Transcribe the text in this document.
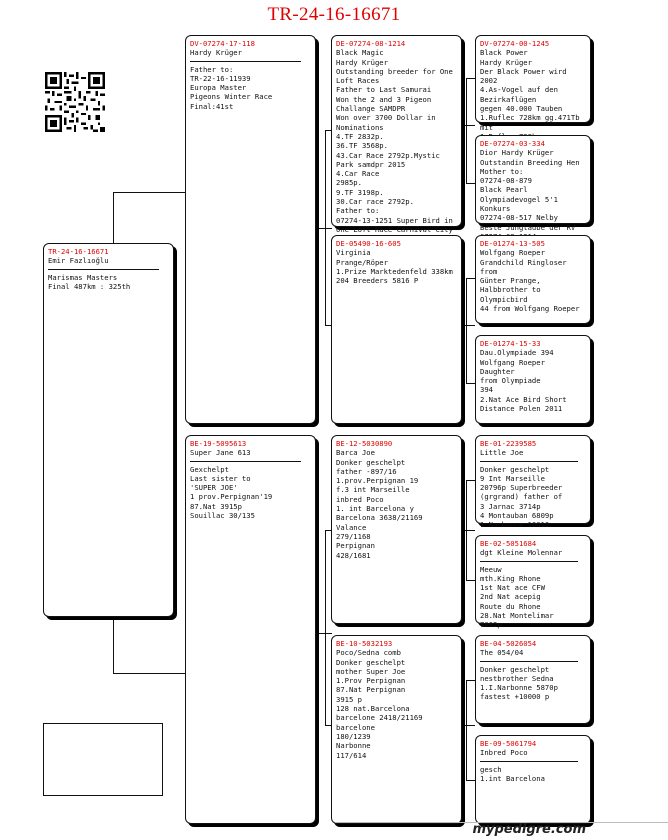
TR-24-16-16671
TR-24-16-16671
Emir Fazlıoğlu
Marismas Masters
Final 487km : 325th
DV-07274-17-118
Hardy Krüger
Father to:
TR-22-16-11939
Europa Master
Pigeons Winter Race
Final:41st
BE-19-5095613
Super Jane 613
Gexchelpt
Last sister to
'SUPER JOE'
1 prov.Perpignan'19
87.Nat 3915p
Souillac 30/135
DE-07274-08-1214
Black Magic
Hardy Krüger
Outstanding breeder for One
Loft Races
Father to Last Samurai
Won the 2 and 3 Pigeon
Challange SAMDPR
Won over 3700 Dollar in
Nominations
4.TF 2832p.
36.TF 3568p.
43.Car Race 2792p.Mystic
Park samdpr 2015
4.Car Race
2985p.
9.TF 3198p.
30.Car race 2792p.
Father to:
07274-13-1251 Super Bird in
One Loft Race Carnival City
DE-05490-16-605
Virginia
Prange/Röper
1.Prize Marktedenfeld 338km
204 Breeders 5816 P
BE-12-5030890
Barca Joe
Donker geschelpt
father -897/16
1.prov.Perpignan 19
f.3 int Marseille
inbred Poco
1. int Barcelona y
Barcelona 3638/21169
Valance
279/1168
Perpignan
428/1681
BE-10-5032193
Poco/Sedna comb
Donker geschelpt
mother Super Joe
1.Prov Perpignan
87.Nat Perpignan
3915 p
128 nat.Barcelona
barcelone 2418/21169
barcelone
180/1239
Narbonne
117/614
DV-07274-00-1245
Black Power
Hardy Krüger
Der Black Power wird 2002
4.As-Vogel auf den
Bezirkaflügen
gegen 40.000 Tauben
1.Ruflec 728km gg.471Tb
mit
DE-07274-03-334
Dior Hardy Krüger
Outstandin Breeding Hen
Mother to:
07274-08-879
Black Pearl
Olympiadevogel 5'1 Konkurs
07274-08-517 Nelby
Beste Jungtaube der RV
DE-01274-13-505
Wolfgang Roeper
Grandchild Ringloser
from
Günter Prange,
Halbbrother to Olympicbird
44 from Wolfgang Roeper
DE-01274-15-33
Dau.Olympiade 394
Wolfgang Roeper
Daughter
from Olympiade
394
2.Nat Ace Bird Short
Distance Polen 2011
BE-01-2239585
Little Joe
Donker geschelpt
9 Int Marseille
20796p Superbreeder
(grgrand) father of
3 Jarnac 3714p
4 Montauban 6809p
1 Narbonne 10010
BE-02-5051684
dgt Kleine Molennar
Meeuw
mth.King Rhone
1st Nat ace CFW
2nd Nat acepig
Route du Rhone
28.Nat Montelimar
7062p
BE-04-5026054
The 054/04
Donker geschelpt
nestbrother Sedna
1.I.Narbonne 5870p
fastest +10000 p
BE-09-5061794
Inbred Poco
gesch
1.int Barcelona
mypedigre.com
